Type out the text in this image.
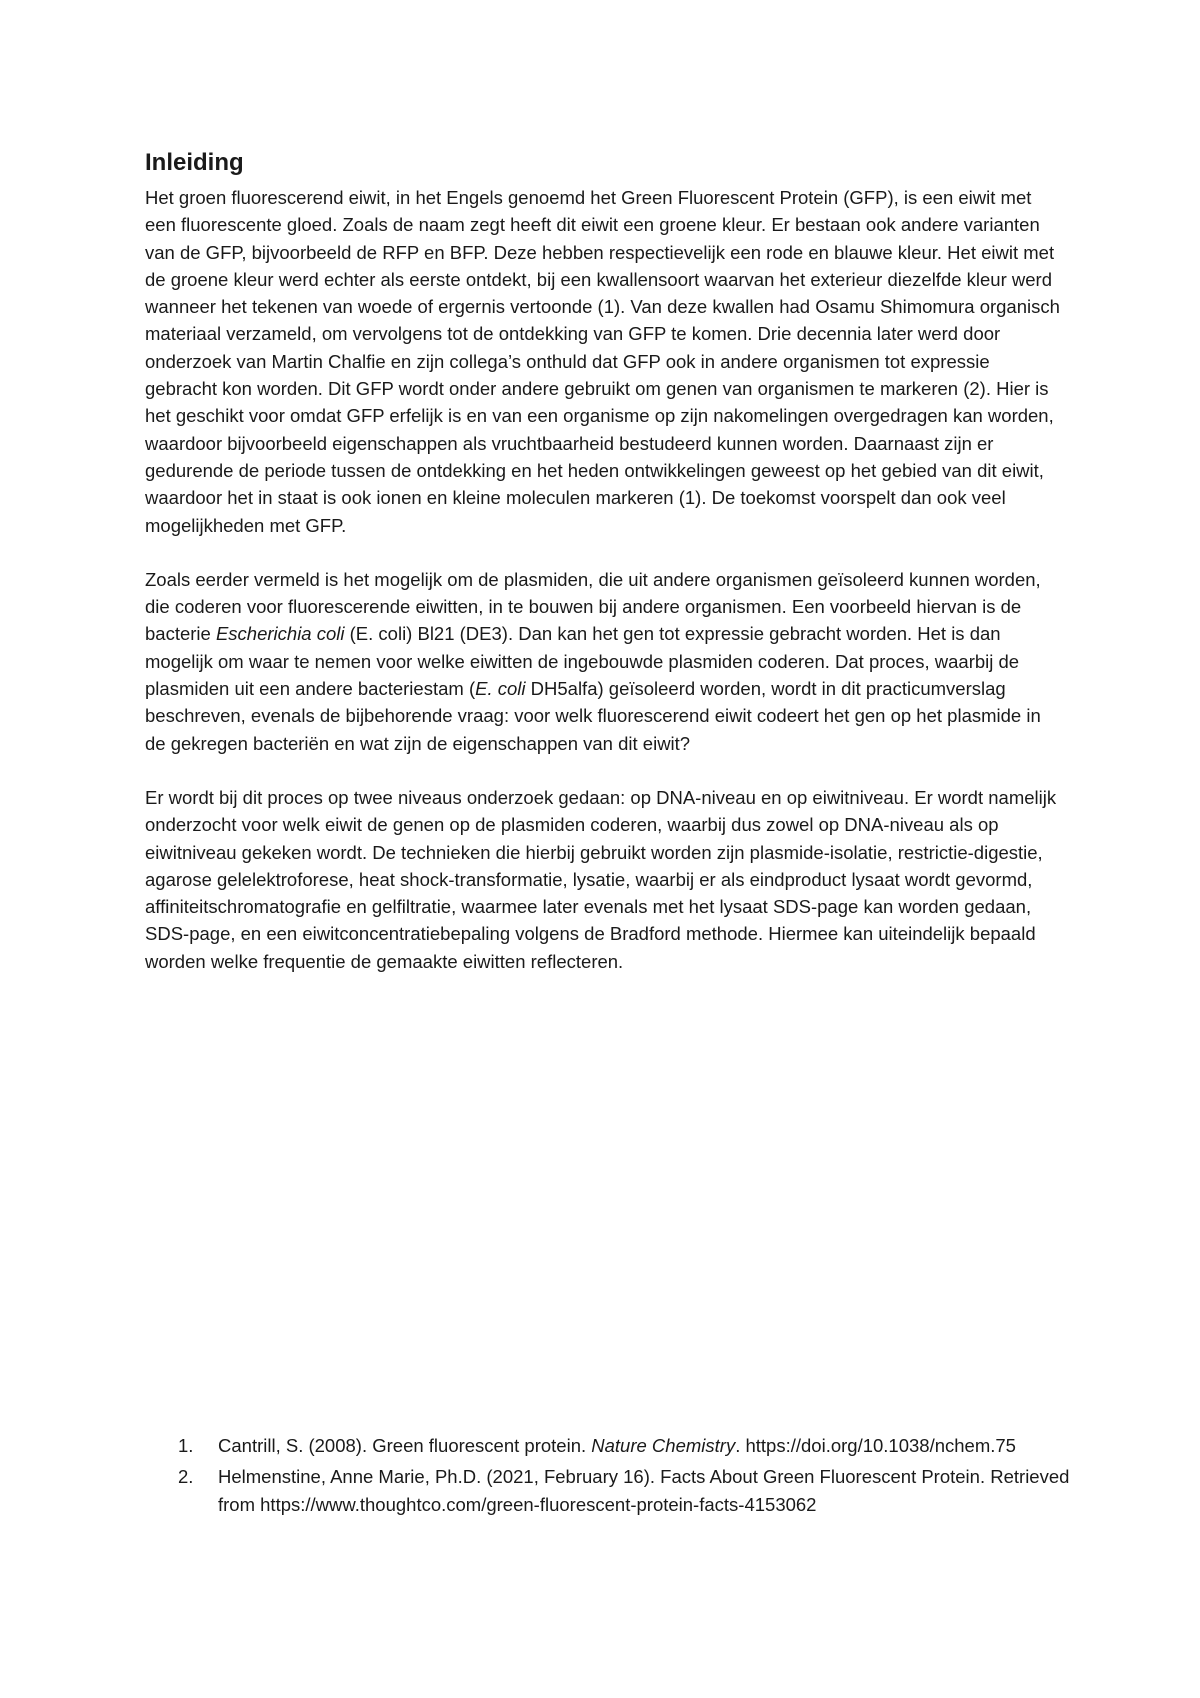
Inleiding
Het groen fluorescerend eiwit, in het Engels genoemd het Green Fluorescent Protein (GFP), is een eiwit met een fluorescente gloed. Zoals de naam zegt heeft dit eiwit een groene kleur. Er bestaan ook andere varianten van de GFP, bijvoorbeeld de RFP en BFP. Deze hebben respectievelijk een rode en blauwe kleur. Het eiwit met de groene kleur werd echter als eerste ontdekt, bij een kwallensoort waarvan het exterieur diezelfde kleur werd wanneer het tekenen van woede of ergernis vertoonde (1). Van deze kwallen had Osamu Shimomura organisch materiaal verzameld, om vervolgens tot de ontdekking van GFP te komen. Drie decennia later werd door onderzoek van Martin Chalfie en zijn collega’s onthuld dat GFP ook in andere organismen tot expressie gebracht kon worden. Dit GFP wordt onder andere gebruikt om genen van organismen te markeren (2). Hier is het geschikt voor omdat GFP erfelijk is en van een organisme op zijn nakomelingen overgedragen kan worden, waardoor bijvoorbeeld eigenschappen als vruchtbaarheid bestudeerd kunnen worden. Daarnaast zijn er gedurende de periode tussen de ontdekking en het heden ontwikkelingen geweest op het gebied van dit eiwit, waardoor het in staat is ook ionen en kleine moleculen markeren (1). De toekomst voorspelt dan ook veel mogelijkheden met GFP.
Zoals eerder vermeld is het mogelijk om de plasmiden, die uit andere organismen geïsoleerd kunnen worden, die coderen voor fluorescerende eiwitten, in te bouwen bij andere organismen. Een voorbeeld hiervan is de bacterie Escherichia coli (E. coli) Bl21 (DE3). Dan kan het gen tot expressie gebracht worden. Het is dan mogelijk om waar te nemen voor welke eiwitten de ingebouwde plasmiden coderen. Dat proces, waarbij de plasmiden uit een andere bacteriestam (E. coli DH5alfa) geïsoleerd worden, wordt in dit practicumverslag beschreven, evenals de bijbehorende vraag: voor welk fluorescerend eiwit codeert het gen op het plasmide in de gekregen bacteriën en wat zijn de eigenschappen van dit eiwit?
Er wordt bij dit proces op twee niveaus onderzoek gedaan: op DNA-niveau en op eiwitniveau. Er wordt namelijk onderzocht voor welk eiwit de genen op de plasmiden coderen, waarbij dus zowel op DNA-niveau als op eiwitniveau gekeken wordt. De technieken die hierbij gebruikt worden zijn plasmide-isolatie, restrictie-digestie, agarose gelelektroforese, heat shock-transformatie, lysatie, waarbij er als eindproduct lysaat wordt gevormd, affiniteitschromatografie en gelfiltratie, waarmee later evenals met het lysaat SDS-page kan worden gedaan, SDS-page, en een eiwitconcentratiebepaling volgens de Bradford methode. Hiermee kan uiteindelijk bepaald worden welke frequentie de gemaakte eiwitten reflecteren.
1.	Cantrill, S. (2008). Green fluorescent protein. Nature Chemistry. https://doi.org/10.1038/nchem.75
2.	Helmenstine, Anne Marie, Ph.D. (2021, February 16). Facts About Green Fluorescent Protein. Retrieved from https://www.thoughtco.com/green-fluorescent-protein-facts-4153062
